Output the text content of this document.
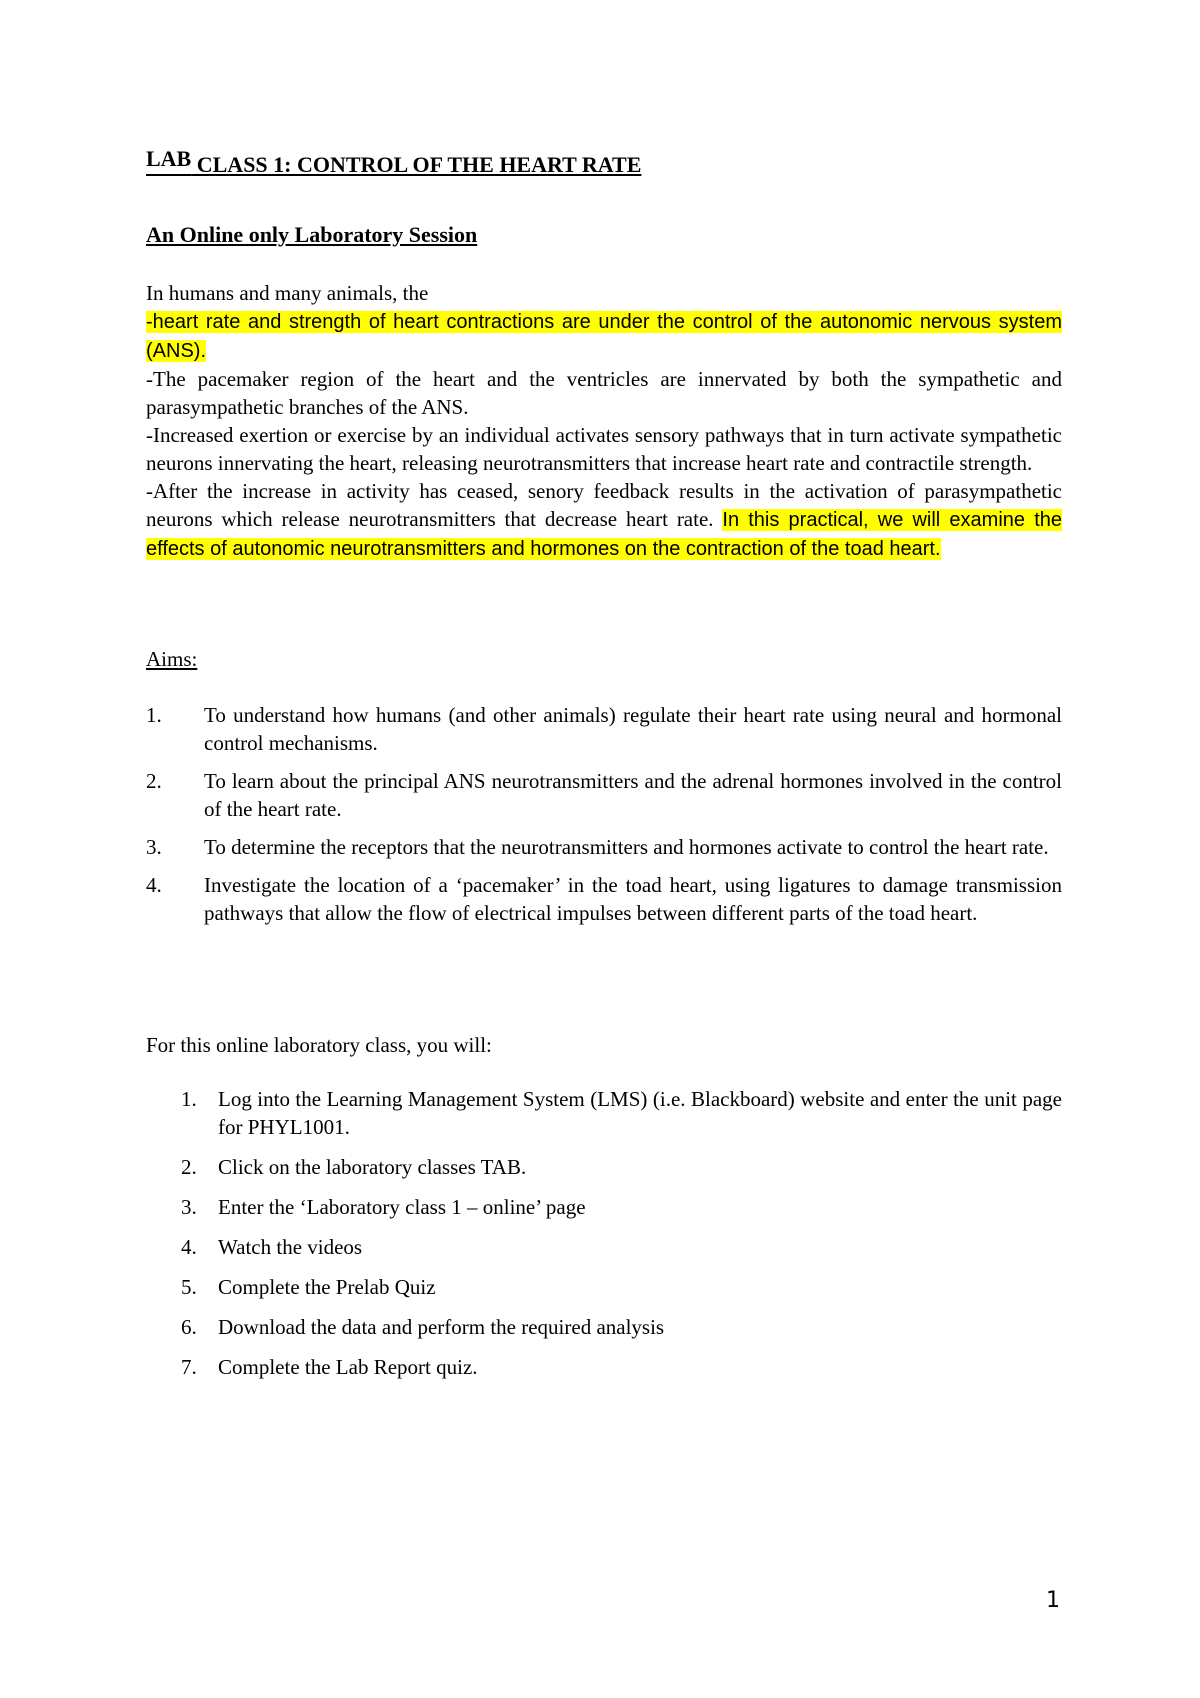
LAB CLASS 1: CONTROL OF THE HEART RATE
An Online only Laboratory Session

In humans and many animals, the

-heart rate and strength of heart contractions are under the control of the autonomic nervous system (ANS).

-The pacemaker region of the heart and the ventricles are innervated by both the sympathetic and parasympathetic branches of the ANS.

-Increased exertion or exercise by an individual activates sensory pathways that in turn activate sympathetic neurons innervating the heart, releasing neurotransmitters that increase heart rate and contractile strength.

-After the increase in activity has ceased, senory feedback results in the activation of parasympathetic neurons which release neurotransmitters that decrease heart rate. In this practical, we will examine the effects of autonomic neurotransmitters and hormones on the contraction of the toad heart.

Aims:
1. To understand how humans (and other animals) regulate their heart rate using neural and hormonal control mechanisms.
2. To learn about the principal ANS neurotransmitters and the adrenal hormones involved in the control of the heart rate.
3. To determine the receptors that the neurotransmitters and hormones activate to control the heart rate.
4. Investigate the location of a ‘pacemaker’ in the toad heart, using ligatures to damage transmission pathways that allow the flow of electrical impulses between different parts of the toad heart.
For this online laboratory class, you will:
1. Log into the Learning Management System (LMS) (i.e. Blackboard) website and enter the unit page for PHYL1001.
2. Click on the laboratory classes TAB.
3. Enter the ‘Laboratory class 1 – online’ page
4. Watch the videos
5. Complete the Prelab Quiz
6. Download the data and perform the required analysis
7. Complete the Lab Report quiz.
1
